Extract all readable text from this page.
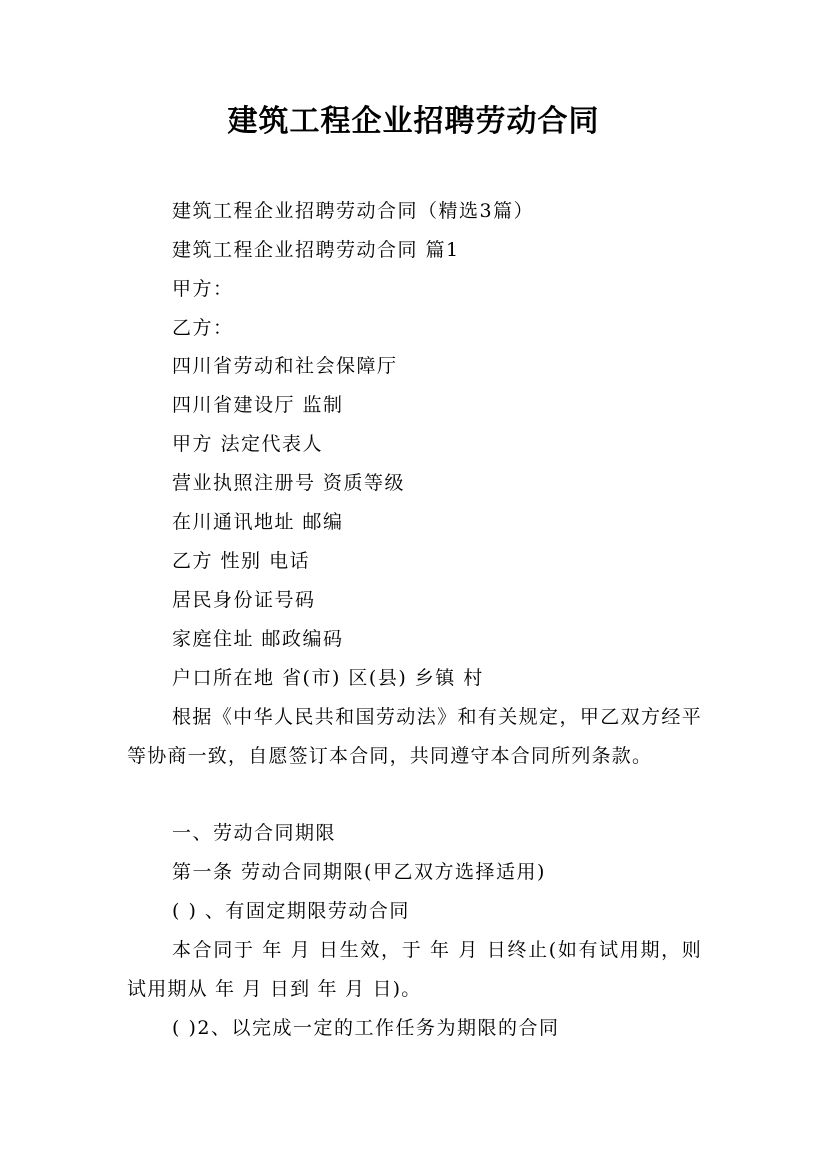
建筑工程企业招聘劳动合同

建筑工程企业招聘劳动合同（精选3篇）

建筑工程企业招聘劳动合同 篇1

甲方：

乙方：

四川省劳动和社会保障厅

四川省建设厅 监制

甲方 法定代表人

营业执照注册号 资质等级

在川通讯地址 邮编

乙方 性别 电话

居民身份证号码

家庭住址 邮政编码

户口所在地 省(市) 区(县) 乡镇 村

根据《中华人民共和国劳动法》和有关规定，甲乙双方经平等协商一致，自愿签订本合同，共同遵守本合同所列条款。

一、劳动合同期限

第一条 劳动合同期限(甲乙双方选择适用)

( ) 、有固定期限劳动合同

本合同于 年 月 日生效，于 年 月 日终止(如有试用期，则试用期从 年 月 日到 年 月 日)。

( )2、以完成一定的工作任务为期限的合同
